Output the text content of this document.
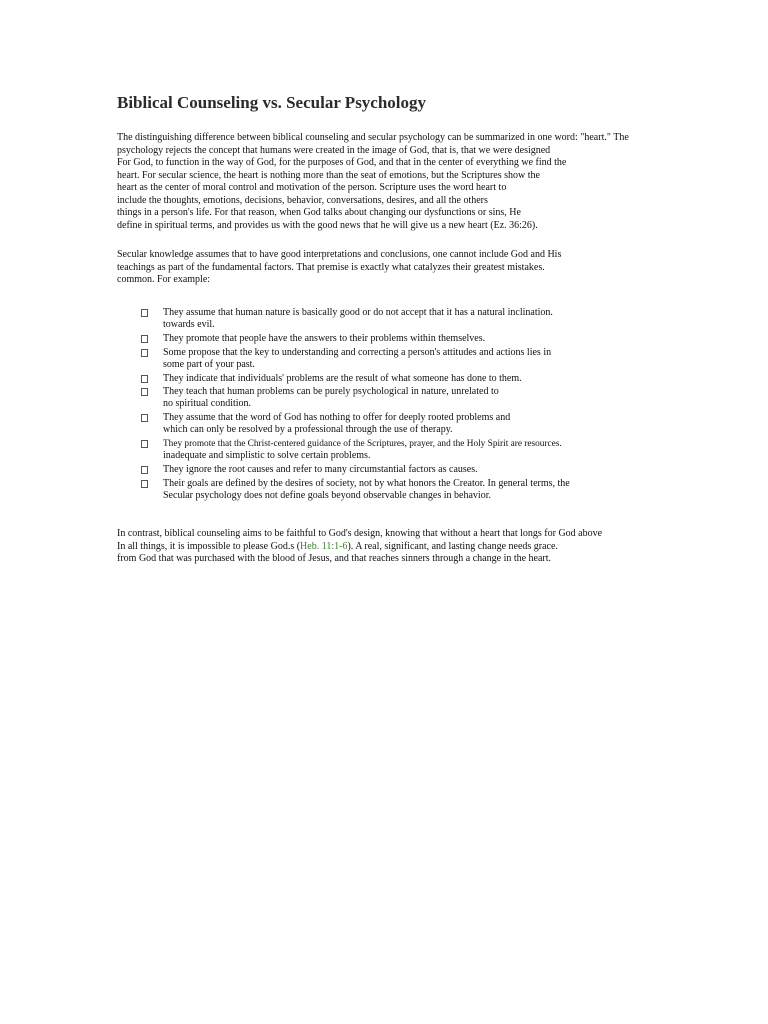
Biblical Counseling vs. Secular Psychology
The distinguishing difference between biblical counseling and secular psychology can be summarized in one word: "heart." The
psychology rejects the concept that humans were created in the image of God, that is, that we were designed
For God, to function in the way of God, for the purposes of God, and that in the center of everything we find the
heart. For secular science, the heart is nothing more than the seat of emotions, but the Scriptures show the
heart as the center of moral control and motivation of the person. Scripture uses the word heart to
include the thoughts, emotions, decisions, behavior, conversations, desires, and all the others
things in a person's life. For that reason, when God talks about changing our dysfunctions or sins, He
define in spiritual terms, and provides us with the good news that he will give us a new heart (Ez. 36:26).
Secular knowledge assumes that to have good interpretations and conclusions, one cannot include God and His
teachings as part of the fundamental factors. That premise is exactly what catalyzes their greatest mistakes.
common. For example:
They assume that human nature is basically good or do not accept that it has a natural inclination.
towards evil.
They promote that people have the answers to their problems within themselves.
Some propose that the key to understanding and correcting a person's attitudes and actions lies in
some part of your past.
They indicate that individuals' problems are the result of what someone has done to them.
They teach that human problems can be purely psychological in nature, unrelated to
no spiritual condition.
They assume that the word of God has nothing to offer for deeply rooted problems and
which can only be resolved by a professional through the use of therapy.
They promote that the Christ-centered guidance of the Scriptures, prayer, and the Holy Spirit are resources.
inadequate and simplistic to solve certain problems.
They ignore the root causes and refer to many circumstantial factors as causes.
Their goals are defined by the desires of society, not by what honors the Creator. In general terms, the
Secular psychology does not define goals beyond observable changes in behavior.
In contrast, biblical counseling aims to be faithful to God's design, knowing that without a heart that longs for God above
In all things, it is impossible to please God.s (Heb. 11:1-6). A real, significant, and lasting change needs grace.
from God that was purchased with the blood of Jesus, and that reaches sinners through a change in the heart.
